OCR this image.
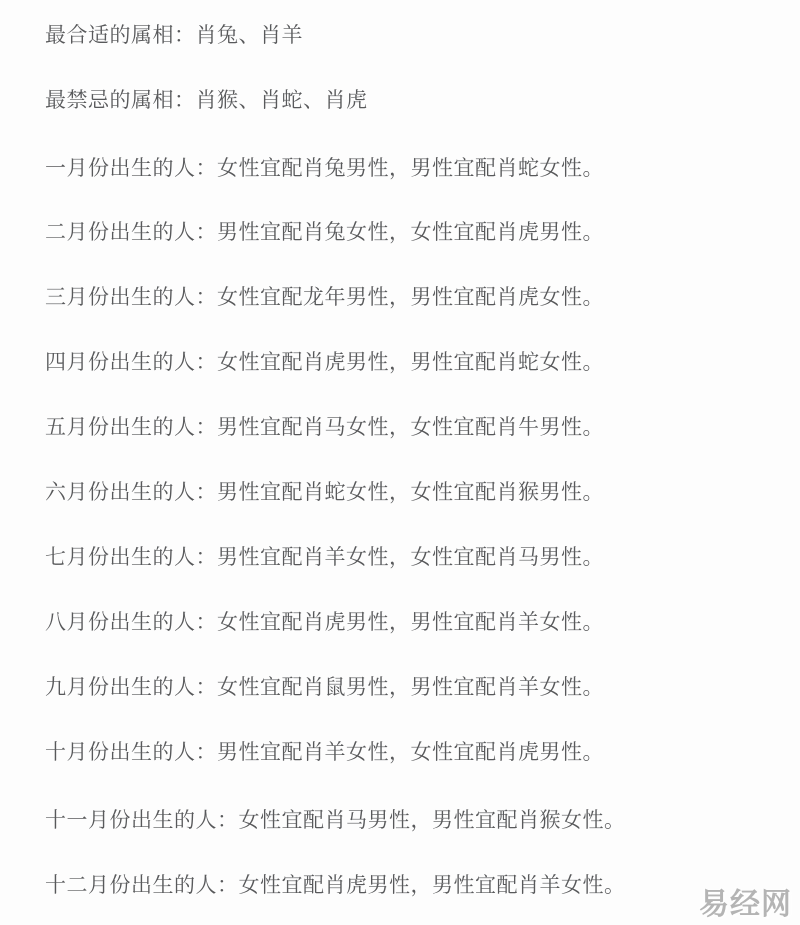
最合适的属相：肖兔、肖羊
最禁忌的属相：肖猴、肖蛇、肖虎
一月份出生的人：女性宜配肖兔男性，男性宜配肖蛇女性。
二月份出生的人：男性宜配肖兔女性，女性宜配肖虎男性。
三月份出生的人：女性宜配龙年男性，男性宜配肖虎女性。
四月份出生的人：女性宜配肖虎男性，男性宜配肖蛇女性。
五月份出生的人：男性宜配肖马女性，女性宜配肖牛男性。
六月份出生的人：男性宜配肖蛇女性，女性宜配肖猴男性。
七月份出生的人：男性宜配肖羊女性，女性宜配肖马男性。
八月份出生的人：女性宜配肖虎男性，男性宜配肖羊女性。
九月份出生的人：女性宜配肖鼠男性，男性宜配肖羊女性。
十月份出生的人：男性宜配肖羊女性，女性宜配肖虎男性。
十一月份出生的人：女性宜配肖马男性，男性宜配肖猴女性。
十二月份出生的人：女性宜配肖虎男性，男性宜配肖羊女性。
易经网
